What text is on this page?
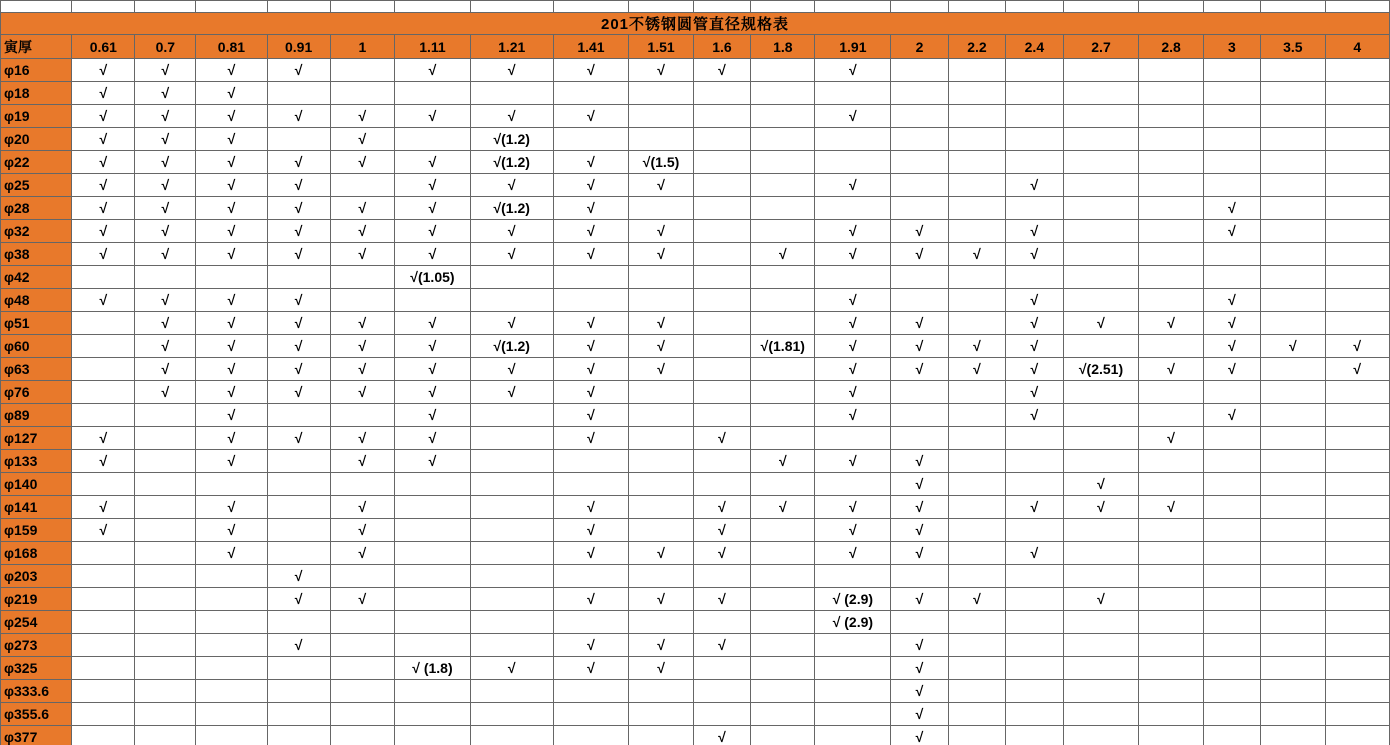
201不锈钢圆管直径规格表																				
寅厚	0.61	0.7	0.81	0.91	1	1.11	1.21	1.41	1.51	1.6	1.8	1.91	2	2.2	2.4	2.7	2.8	3	3.5	4
φ16	√	√	√	√		√	√	√	√	√		√								
φ18	√	√	√																	
φ19	√	√	√	√	√	√	√	√				√								
φ20	√	√	√		√		√(1.2)													
φ22	√	√	√	√	√	√	√(1.2)	√	√(1.5)											
φ25	√	√	√	√		√	√	√	√			√			√					
φ28	√	√	√	√	√	√	√(1.2)	√										√		
φ32	√	√	√	√	√	√	√	√	√			√	√		√			√		
φ38	√	√	√	√	√	√	√	√	√		√	√	√	√	√					
φ42						√(1.05)														
φ48	√	√	√	√								√			√			√		
φ51		√	√	√	√	√	√	√	√			√	√		√	√	√	√		
φ60		√	√	√	√	√	√(1.2)	√	√		√(1.81)	√	√	√	√			√	√	√
φ63		√	√	√	√	√	√	√	√			√	√	√	√	√(2.51)	√	√		√
φ76		√	√	√	√	√	√	√				√			√					
φ89			√			√		√				√			√			√		
φ127	√		√	√	√	√		√		√							√			
φ133	√		√		√	√					√	√	√							
φ140													√			√				
φ141	√		√		√			√		√	√	√	√		√	√	√			
φ159	√		√		√			√		√		√	√							
φ168			√		√			√	√	√		√	√		√					
φ203				√																
φ219				√	√			√	√	√		√ (2.9)	√	√		√				
φ254												√ (2.9)								
φ273				√				√	√	√			√							
φ325						√ (1.8)	√	√	√				√							
φ333.6													√							
φ355.6													√							
φ377										√			√							
